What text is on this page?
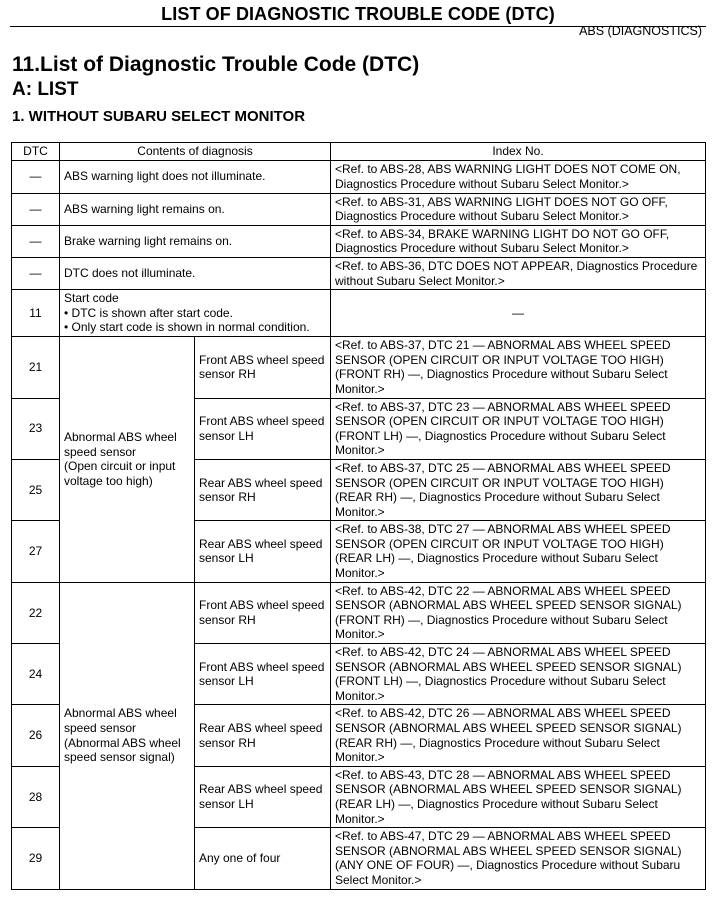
LIST OF DIAGNOSTIC TROUBLE CODE (DTC)
ABS (DIAGNOSTICS)
11.List of Diagnostic Trouble Code (DTC)
A: LIST
1. WITHOUT SUBARU SELECT MONITOR
DTC	Contents of diagnosis		Index No.
—	ABS warning light does not illuminate.		<Ref. to ABS-28, ABS WARNING LIGHT DOES NOT COME ON, Diagnostics Procedure without Subaru Select Monitor.>
—	ABS warning light remains on.		<Ref. to ABS-31, ABS WARNING LIGHT DOES NOT GO OFF, Diagnostics Procedure without Subaru Select Monitor.>
—	Brake warning light remains on.		<Ref. to ABS-34, BRAKE WARNING LIGHT DO NOT GO OFF, Diagnostics Procedure without Subaru Select Monitor.>
—	DTC does not illuminate.		<Ref. to ABS-36, DTC DOES NOT APPEAR, Diagnostics Procedure without Subaru Select Monitor.>
11	Start code
• DTC is shown after start code.
• Only start code is shown in normal condition.		—
21	Abnormal ABS wheel speed sensor
(Open circuit or input voltage too high)	Front ABS wheel speed sensor RH	<Ref. to ABS-37, DTC 21 — ABNORMAL ABS WHEEL SPEED SENSOR (OPEN CIRCUIT OR INPUT VOLTAGE TOO HIGH) (FRONT RH) —, Diagnostics Procedure without Subaru Select Monitor.>
23		Front ABS wheel speed sensor LH	<Ref. to ABS-37, DTC 23 — ABNORMAL ABS WHEEL SPEED SENSOR (OPEN CIRCUIT OR INPUT VOLTAGE TOO HIGH) (FRONT LH) —, Diagnostics Procedure without Subaru Select Monitor.>
25		Rear ABS wheel speed sensor RH	<Ref. to ABS-37, DTC 25 — ABNORMAL ABS WHEEL SPEED SENSOR (OPEN CIRCUIT OR INPUT VOLTAGE TOO HIGH) (REAR RH) —, Diagnostics Procedure without Subaru Select Monitor.>
27		Rear ABS wheel speed sensor LH	<Ref. to ABS-38, DTC 27 — ABNORMAL ABS WHEEL SPEED SENSOR (OPEN CIRCUIT OR INPUT VOLTAGE TOO HIGH) (REAR LH) —, Diagnostics Procedure without Subaru Select Monitor.>
22	Abnormal ABS wheel speed sensor
(Abnormal ABS wheel speed sensor signal)	Front ABS wheel speed sensor RH	<Ref. to ABS-42, DTC 22 — ABNORMAL ABS WHEEL SPEED SENSOR (ABNORMAL ABS WHEEL SPEED SENSOR SIGNAL) (FRONT RH) —, Diagnostics Procedure without Subaru Select Monitor.>
24		Front ABS wheel speed sensor LH	<Ref. to ABS-42, DTC 24 — ABNORMAL ABS WHEEL SPEED SENSOR (ABNORMAL ABS WHEEL SPEED SENSOR SIGNAL) (FRONT LH) —, Diagnostics Procedure without Subaru Select Monitor.>
26		Rear ABS wheel speed sensor RH	<Ref. to ABS-42, DTC 26 — ABNORMAL ABS WHEEL SPEED SENSOR (ABNORMAL ABS WHEEL SPEED SENSOR SIGNAL) (REAR RH) —, Diagnostics Procedure without Subaru Select Monitor.>
28		Rear ABS wheel speed sensor LH	<Ref. to ABS-43, DTC 28 — ABNORMAL ABS WHEEL SPEED SENSOR (ABNORMAL ABS WHEEL SPEED SENSOR SIGNAL) (REAR LH) —, Diagnostics Procedure without Subaru Select Monitor.>
29		Any one of four	<Ref. to ABS-47, DTC 29 — ABNORMAL ABS WHEEL SPEED SENSOR (ABNORMAL ABS WHEEL SPEED SENSOR SIGNAL) (ANY ONE OF FOUR) —, Diagnostics Procedure without Subaru Select Monitor.>
